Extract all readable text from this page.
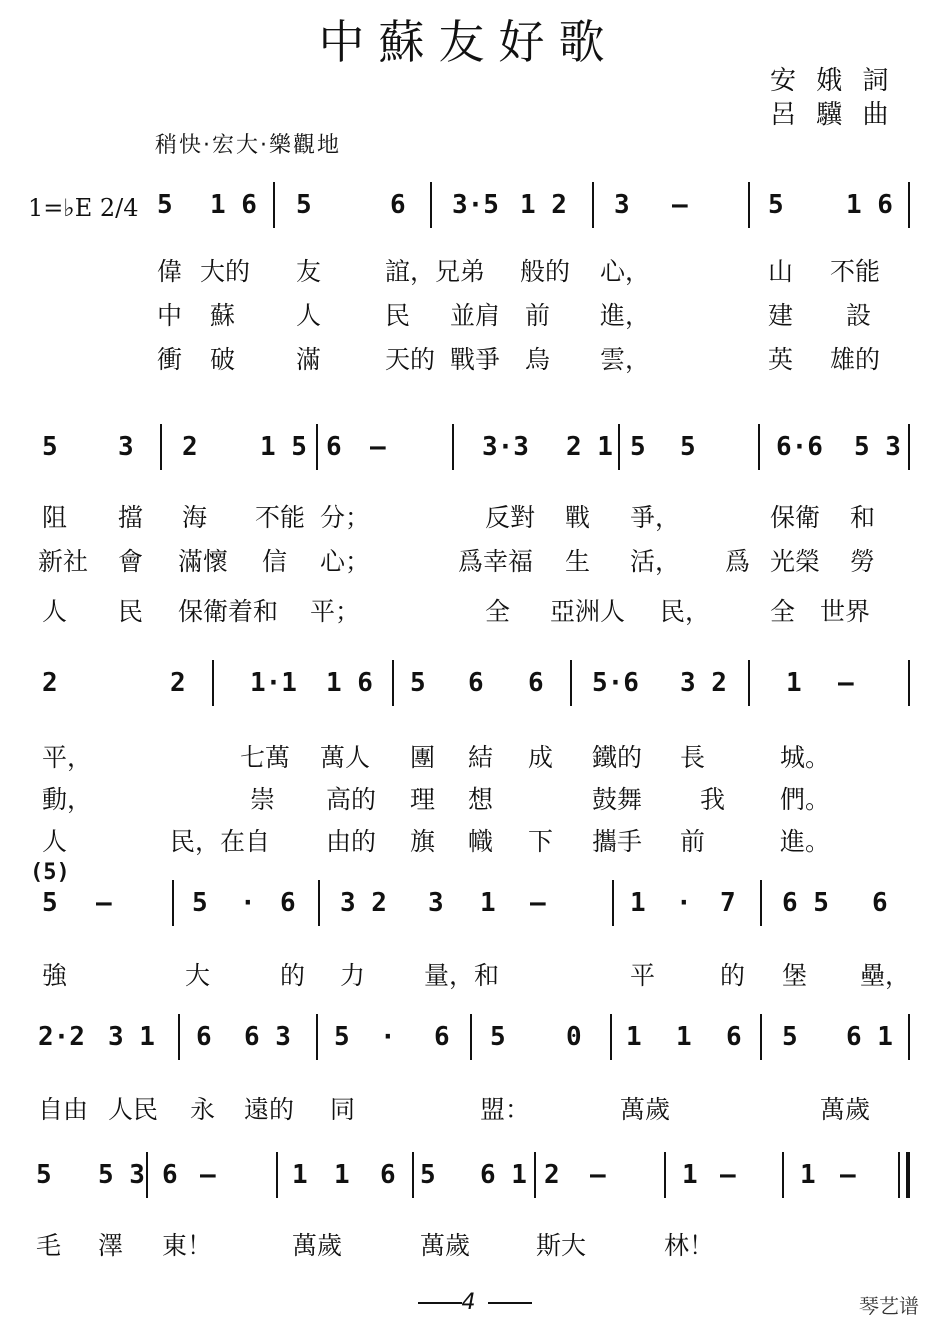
中蘇友好歌
安 娥 詞
呂 驥 曲
稍快·宏大·樂觀地
1=♭E 2/4 5 1 6 5	6 3·5 1 2 3 —	5 1 6
偉 大的 友	誼，兄弟 般的 心，	山 不能
中 蘇 人	民 並肩 前 進，	建 設
衝 破 滿	天的 戰爭 烏 雲，	英 雄的
5 3 2 1 5 6 —	3·3 2 1 5 5	6·6 5 3
阻 擋 海 不能 分；	反對 戰 爭，	保衛 和
新社 會 滿懷 信 心；	爲幸福 生 活， 爲 光榮 勞
人 民 保衛着和 平；	全 亞洲人 民， 全 世界
2	2 1·1 1 6 5 6 6 5·6 3 2 1 —
平，	七萬 萬人 團 結 成 鐵的 長	城。
動，	崇 高的 理 想	鼓舞 我 們。
人	民，在自 由的 旗 幟 下 攜手 前	進。
(5)
5 —	5 · 6 3 2 3 1 —	1 · 7 6 5 6
強	大	的 力 量，和	平	的 堡 壘，
2·2 3 1 6 6 3 5 · 6 5 0 1 1 6 5 6 1
自由 人民 永 遠的 同	盟：	萬歲	萬歲
5 5 3 6 —	1 1 6 5 6 1 2 —	1 — 1 —
毛 澤 東！	萬歲	萬歲	斯大	林！
4	琴艺谱
